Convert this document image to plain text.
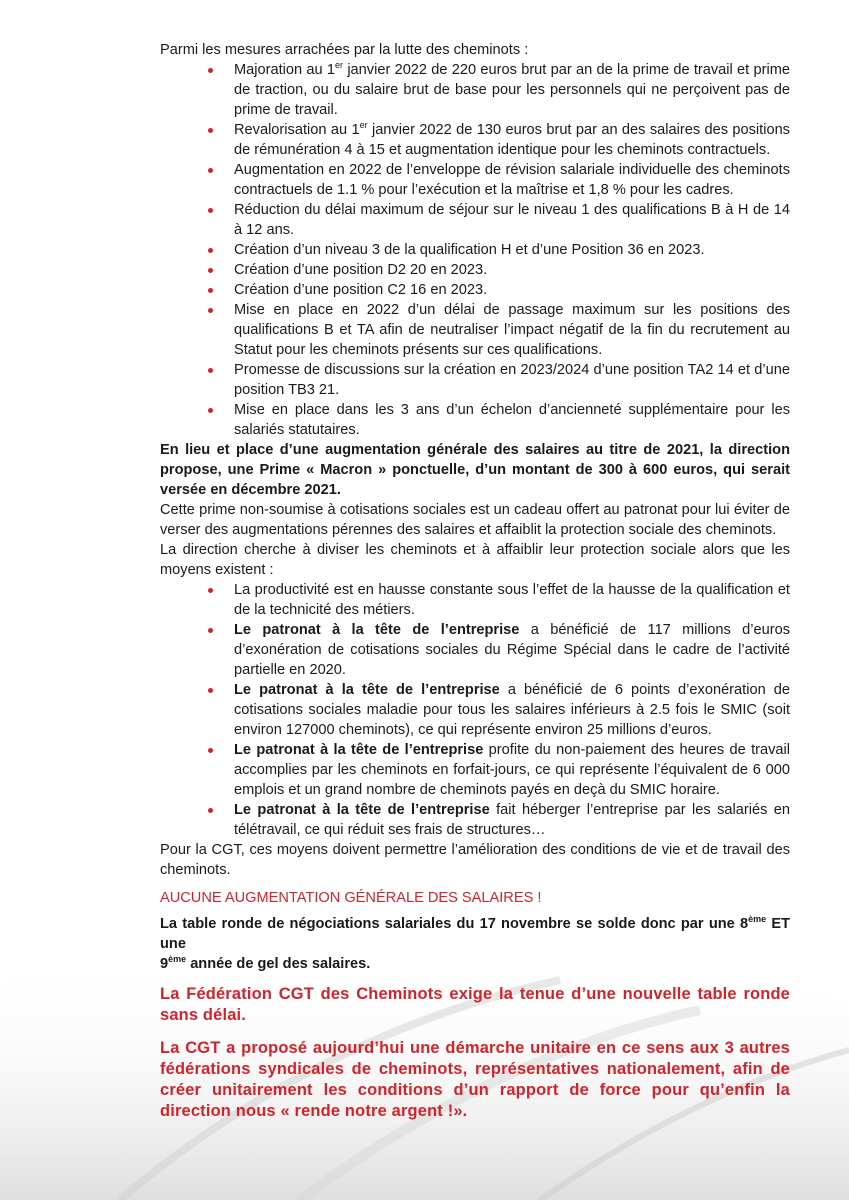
Parmi les mesures arrachées par la lutte des cheminots :

Majoration au 1er janvier 2022 de 220 euros brut par an de la prime de travail et prime de traction, ou du salaire brut de base pour les personnels qui ne perçoivent pas de prime de travail.
Revalorisation au 1er janvier 2022 de 130 euros brut par an des salaires des positions de rémunération 4 à 15 et augmentation identique pour les cheminots contractuels.
Augmentation en 2022 de l’enveloppe de révision salariale individuelle des cheminots contractuels de 1.1 % pour l’exécution et la maîtrise et 1,8 % pour les cadres.
Réduction du délai maximum de séjour sur le niveau 1 des qualifications B à H de 14 à 12 ans.
Création d’un niveau 3 de la qualification H et d’une Position 36 en 2023.
Création d’une position D2 20 en 2023.
Création d’une position C2 16 en 2023.
Mise en place en 2022 d’un délai de passage maximum sur les positions des qualifications B et TA afin de neutraliser l’impact négatif de la fin du recrutement au Statut pour les cheminots présents sur ces qualifications.
Promesse de discussions sur la création en 2023/2024 d’une position TA2 14 et d’une position TB3 21.
Mise en place dans les 3 ans d’un échelon d’ancienneté supplémentaire pour les salariés statutaires.

En lieu et place d’une augmentation générale des salaires au titre de 2021, la direction propose, une Prime « Macron » ponctuelle, d’un montant de 300 à 600 euros, qui serait versée en décembre 2021.

Cette prime non-soumise à cotisations sociales est un cadeau offert au patronat pour lui éviter de verser des augmentations pérennes des salaires et affaiblit la protection sociale des cheminots.

La direction cherche à diviser les cheminots et à affaiblir leur protection sociale alors que les moyens existent :

La productivité est en hausse constante sous l’effet de la hausse de la qualification et de la technicité des métiers.
Le patronat à la tête de l’entreprise a bénéficié de 117 millions d’euros d’exonération de cotisations sociales du Régime Spécial dans le cadre de l’activité partielle en 2020.
Le patronat à la tête de l’entreprise a bénéficié de 6 points d’exonération de cotisations sociales maladie pour tous les salaires inférieurs à 2.5 fois le SMIC (soit environ 127000 cheminots), ce qui représente environ 25 millions d’euros.
Le patronat à la tête de l’entreprise profite du non-paiement des heures de travail accomplies par les cheminots en forfait-jours, ce qui représente l’équivalent de 6 000 emplois et un grand nombre de cheminots payés en deçà du SMIC horaire.
Le patronat à la tête de l’entreprise fait héberger l’entreprise par les salariés en télétravail, ce qui réduit ses frais de structures…

Pour la CGT, ces moyens doivent permettre l’amélioration des conditions de vie et de travail des cheminots.

AUCUNE AUGMENTATION GÉNÉRALE DES SALAIRES !

La table ronde de négociations salariales du 17 novembre se solde donc par une 8ème ET une
9ème année de gel des salaires.

La Fédération CGT des Cheminots exige la tenue d’une nouvelle table ronde sans délai.

La CGT a proposé aujourd’hui une démarche unitaire en ce sens aux 3 autres fédérations syndicales de cheminots, représentatives nationalement, afin de créer unitairement les conditions d’un rapport de force pour qu’enfin la direction nous « rende notre argent !».
